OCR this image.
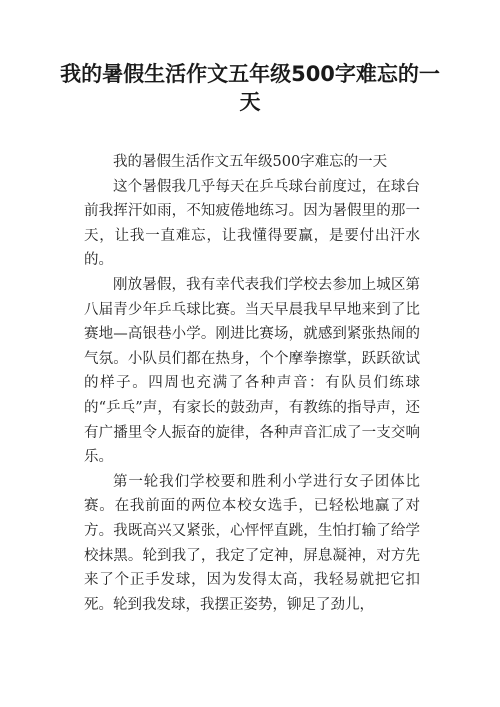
我的暑假生活作文五年级500字难忘的一天

我的暑假生活作文五年级500字难忘的一天

这个暑假我几乎每天在乒乓球台前度过，在球台前我挥汗如雨，不知疲倦地练习。因为暑假里的那一天，让我一直难忘，让我懂得要赢，是要付出汗水的。

刚放暑假，我有幸代表我们学校去参加上城区第八届青少年乒乓球比赛。当天早晨我早早地来到了比赛地—高银巷小学。刚进比赛场，就感到紧张热闹的气氛。小队员们都在热身，个个摩拳擦掌，跃跃欲试的样子。四周也充满了各种声音：有队员们练球的“乒乓”声，有家长的鼓劲声，有教练的指导声，还有广播里令人振奋的旋律，各种声音汇成了一支交响乐。

第一轮我们学校要和胜利小学进行女子团体比赛。在我前面的两位本校女选手，已轻松地赢了对方。我既高兴又紧张，心怦怦直跳，生怕打输了给学校抹黑。轮到我了，我定了定神，屏息凝神，对方先来了个正手发球，因为发得太高，我轻易就把它扣死。轮到我发球，我摆正姿势，铆足了劲儿，
